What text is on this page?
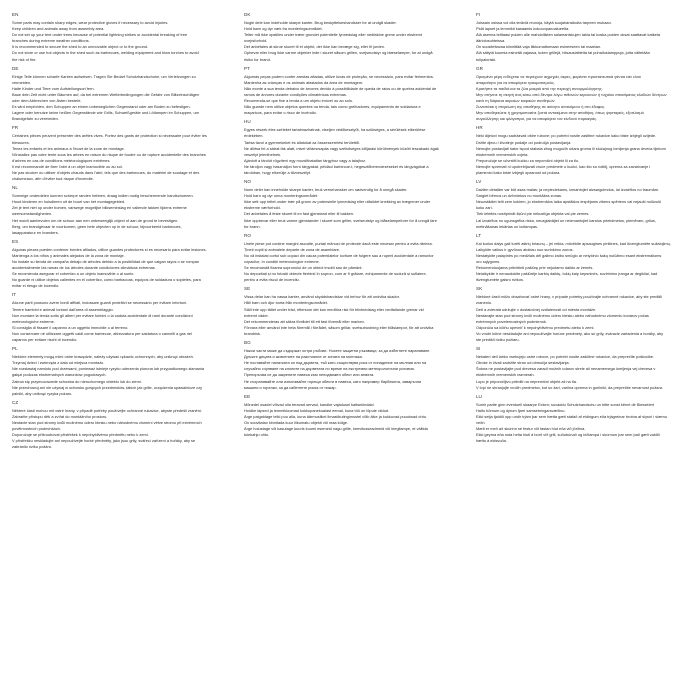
EN
Some parts may contain sharp edges, wear protective gloves if necessary to avoid injuries.
Keep children and animals away from assembly area.
Do not set up your tent under trees because of potential lightning strikes or accidental breaking of tree
branches during extreme weather conditions.
It is recommended to secure the shed to an unmovable object or to the ground.
Do not store or use hot objects in the shed such as barbecues, welding equipment and blow torches to avoid
the risk of fire.
DE
Einige Teile können scharfe Kanten aufweisen. Tragen Sie Bedarf Schutzhandschuhe, um Verletzungen zu
vermeiden.
Halte Kinder und Tiere vom Aufstellungsort fern.
Baue dein Zelt nicht unter Bäumen auf, da bei extremen Wetterbedingungen die Gefahr von Blitzeinschlägen
oder dem Abbrechen von Ästen besteht.
Es wird empfohlen, den Schuppen an einem unbeweglichen Gegenstand oder am Boden zu befestigen.
Lagere oder benutze keine heißen Gegenstände wie Grills, Schweißgeräte und Lötlampen im Schuppen, um
Brandgefahr zu vermeiden.
FR
Certaines pièces peuvent présenter des arêtes vives. Portez des gants de protection si nécessaire pour éviter les
blessures.
Tenez les enfants et les animaux à l'écart de la zone de montage.
N'installez pas votre tente sous les arbres en raison du risque de foudre ou de rupture accidentelle des branches
d'arbres en cas de conditions météorologiques extrêmes.
Il est recommandé de fixer l'abri à un objet inamovible ou au sol.
Ne pas stocker ou utiliser d'objets chauds dans l'abri, tels que des barbecues, du matériel de soudage et des
chalumeaux, afin d'éviter tout risque d'incendie.
NL
Sommige onderdelen kunnen scherpe randen hebben, draag indien nodig beschermende handschoenen.
Houd kinderen en huisdieren uit de buurt van het montagegebied.
Zet je tent niet op onder bomen, vanwege mogelijke blikseminslag en vallende takken tijdens extreme
weersomstandigheden.
Het wordt aanbevolen om de schuur aan een onbeweeglijk object of aan de grond te bevestigen.
Berg, om brandgevaar te voorkomen, geen hete objecten op in de schuur, bijvoorbeeld barbecues,
lasapparatuur en branders.
ES
Algunas piezas pueden contener bordes afilados, utilice guantes protectores si es necesario para evitar lesiones.
Mantenga a los niños y animales alejados de la zona de montaje.
No instale su tienda de campaña debajo de árboles debido a la posibilidad de que caigan rayos o se rompan
accidentalmente las ramas de los árboles durante condiciones climáticas extremas.
Se recomienda asegurar el cobertizo a un objeto inamovible o al suelo.
No guarde ni utilice objetos calientes en el cobertizo, como barbacoas, equipos de soldadura o sopletes, para
evitar el riesgo de incendio.
IT
Alcune parti possono avere bordi affilati, indossare guanti protettivi se necessario per evitare infortuni.
Tenere bambini e animali lontani dall'area di assemblaggio.
Non montare la tenda sotto gli alberi per evitare fulmini o la caduta accidentale di rami durante condizioni
meteorologiche estreme.
Si consiglia di fissare il capanno a un oggetto immobile o al terreno.
Non conservare né utilizzare oggetti caldi come barbecue, attrezzatura per saldatura o cannelli a gas nel
capanno per evitare rischi di incendio.
PL
Niektóre elementy mogą mieć ostre krawędzie, należy używać rękawic ochronnych, aby uniknąć obrażeń.
Trzymaj dzieci i zwierzęta z dala od miejsca montażu.
Nie rozstawiaj namiotu pod drzewami, ponieważ istnieje ryzyko uderzenia pioruna lub przypadkowego złamania
gałęzi podczas ekstremalnych warunków pogodowych.
Zaleca się przymocowanie schowka do nieruchomego obiektu lub do ziemi.
Nie przechowuj ani nie używaj w schowku gorących przedmiotów, takich jak grille, urządzenia spawalnicze czy
palniki, aby uniknąć ryzyka pożaru.
CZ
Některé části mohou mít ostré hrany, v případě potřeby používejte ochranné rukavice, abyste předešli zranění.
Zabraňte přístupu dětí a zvířat do montážního prostoru.
Nestavte stan pod stromy kvůli možnému úderu blesku nebo náhodnému zlomení větve stromu při extrémních
povětrnostních podmínkách.
Doporučuje se přišroubovat přístřešek k nepohyblivému předmětu nebo k zemi.
V přístřešku neskladujte ani nepoužívejte horké předměty, jako jsou grily, svářecí zařízení a hořáky, aby se
zabránilo riziku požáru.
DK
Nogle dele kan indeholde skarpe kanter. Brug beskyttelseshandsker for at undgå skader.
Hold børn og dyr væk fra monteringsområdet.
Telter må ikke opstilles under træer grundet potentielle lynnedslag eller nedfaldne grene under ekstremt
uvejrsforhold.
Det anbefales at skruе skuret til et objekt, der ikke kan bevæge sig, eller til jorden.
Opbevar eller brug ikke varme objekter inde i skuret såsom grillen, svejseudstyr og blæselamper, for at undgå
risiko for brand.
PT
Algumas peças podem conter arestas afiadas, utilize luvas de proteção, se necessário, para evitar ferimentos.
Mantenha as crianças e os animais afastados da área de montagem.
Não monte a sua tenda debaixo de árvores devido à possibilidade de queda de raios ou de quebra acidental de
ramos de árvores durante condições climatéricas extremas.
Recomenda-se que fixe a tenda a um objeto imóvel ou ao solo.
Não guarde nem utilize objetos quentes na tenda, tais como grelhadores, equipamento de soldadura e
maçaricos, para evitar o risco de incêndio.
HU
Egyes részek éles széleket tartalmazhatnak, viseljen védőkesztyűt, ha szükséges, a sérülések elkerülése
érdekében.
Tartsa távol a gyermekeket és állatokat az összeszerelési területtől.
Ne állítsa fel a sátrat fák alatt, mivel villámcsapás vagy szélsőséges időjárási körülmények között leszakadó ágak
veszélyt jelenthetnek.
Ajánlott a tárolót rögzíteni egy mozdíthatatlan tárgyhoz vagy a talajhoz.
Ne tároljon vagy használjon forró tárgyakat, például barbecue-t, hegesztőberendezéseket és lángvágókat a
tárolóban, hogy elkerülje a tűzveszélyt.
NO
Noen deler kan inneholde skarpe kanter, bruk vernehansker om nødvendig for å unngå skader.
Hold barn og dyr unna monteringsområdet.
Ikke sett opp teltet under trær på grunn av potensielle lynnedslag eller utilsiktet knekking av trægrener under
ekstreme værforhold.
Det anbefales å feste skuret til en fast gjenstand eller til bakken.
Ikke oppbevar eller bruk varme gjenstander i skuret som griller, sveiseutstyr og blåselampeforer for å unngå fare
for brann.
RO
Unele piese pot conține margini ascuțite, purtați mănuși de protecție dacă este necesar pentru a evita rănirea.
Țineți copiii și animalele departe de zona de asamblare.
Nu vă instalați cortul sub copaci din cauza potențialelor loviture de fulgere sau a ruperii accidentale a ramurilor
copacilor, în condiții meteorologice extreme.
Se recomandă fixarea șopronului de un obiect imobil sau de pământ.
Nu depozitați și nu folosiți obiecte fierbinți în șopron, cum ar fi grătare, echipamente de sudură și suflaiere,
pentru a evita riscul de incendiu.
SE
Vissa delar kan ha vassa kanter, använd skyddshandskar vid behov för att undvika skador.
Håll barn och djur borta från monteringsområdet.
Ställ inte upp tältet under träd, eftersom det kan medföra risk för blixtnedslag eller nedfallande grenar vid
extremt väder.
Det rekommenderas att säkra förrådet till ett fast föremål eller marken.
Förvara eller använd inte heta föremål i förrådet, såsom grillar, svetsutrustning eller blåslampor, för att undvika
brandrisk.
BG
Някои части може да съдържат остри ръбове. Носете защитни ръкавици, за да избегнете нараняване.
Дръжте децата и животните на разстояние от зоната на монтажа.
Не поставяйте палатката си под дървета, тъй като съществува риск от попадение на мълния или на
случайно счупване на клоните на дърветата по време на екстремни метеорологични условия.
Препоръчва се да закрепите навеса към неподвижен обект или земята.
Не съхранявайте или използвайте горещи обекти в навеса, като например барбекюта, заваръчни
машини и горелки, за да избегнете риска от пожар.
EE
Mõnedel osadel võivad olla teravad servad, kandke vajadusel kaitsekindaid.
Hoidke lapsed ja lemmikloomad kokkupanekualast eemal, kuna töö on lõpule viidud.
Ärge paigaldage telki puu alla, kuna äärmuslikel ilmastikutingimustel võib äike ja kukkuvad puuoksad ohtu.
On soovitatav kinnitada kuur liikumatu objekti või maa külge.
Ärge hoiustage või kasutage kuuris kuumi esemeid nagu grille, keevitusseadmeid või leegilampe, et vältida
tulekahju ohtu.
FI
Joissain osissa voi olla teräviä reunoja, käytä suojahansikoita tarpeen mukaan.
Pidä lapset ja lemmikit kasaamis kokoonpanoalueelta.
Älä asenna telttaasi puiden alle mahdollisten salamaniskujen takia tai koska puiden oksat saattavat katketa
ääriolosuhteissa.
On suositeltavaa kiinnittää vaja liikkumattomaan esineeseen tai maahan.
Älä säilytä kuumia esineitä vajassa, kuten grillejä, hitsauslaitteita tai puhalluslamppuja, jotta vältetään
tulipaloriski.
GR
Ορισμένα μέρη ενδέχεται να περιέχουν αιχμηρές άκρες, φορέστε προστατευτικά γάντια εάν είναι
απαραίτητο για να αποφύγετε τραυματισμούς.
Κρατήστε τα παιδιά και τα ζώα μακριά από την περιοχή συναρμολόγησης.
Μην στήνετε τη σκηνή σας κάτω από δέντρα λόγω πιθανών κεραυνών ή τυχαίου σπασίματος κλαδιών δέντρων
κατά τη διάρκεια ακραίων καιρικών συνθηκών.
Συνιστάται η στερέωση της αποθήκης σε ακίνητο αντικείμενο ή στο έδαφος.
Μην αποθηκεύετε ή χρησιμοποιείτε ζεστά αντικείμενα στην αποθήκη, όπως ψησταριές, εξοπλισμό
συγκόλλησης και φλόγιστρα, για να αποφύγετε τον κίνδυνο πυρκαγιάς.
HR
Neki dijelovi mogu sadržavati oštre rubove; po potrebi nosite zaštitne rukavice kako biste izbjegli ozljede.
Držite djecu i životinje podalje od područja postavljanja.
Nemojte postavljati šator ispod stabala zbog mogućih udara groma ili slučajnog lomljenja grana drveća tijekom
ekstremnih vremenskih uvjeta.
Preporučuje se učvrstiti kućicu za nepomični objekt ili za tlo.
Nemojte spremati ni upotrebljavati vruće predmete u kućici, kao što su roštilj, oprema za zavarivanje i
plamenici kako biste izbjegli opasnost od požara.
LV
Dažām detaļām var būt asas malas; ja nepieciešams, izmantojiet aizsargcimdus, lai izvairītos no traumām.
Sargiet bērnus un dzīvniekus no montāžas zonas.
Neuzstādiet telti zem kokiem, jo ekstremālos laika apstākļos iespējams zibens spēriens vai nejauši nolūzuši
koku zari.
Tiek ieteikts nostiprināt šķūni pie nekustīga objekta vai pie zemes.
Lai izvairītos no ugunsgrēka riska, neuzglabājiet un neizmantojiet karstus priekšmetus, piemēram, grilus,
metināšanas iekārtas un lodlampas.
LT
Kai kurios dalys gali turėti aštrių briaunų – jei reikia, mūvėkite apsaugines pirštines, kad išvengtumėte sužalojimų.
Laikykite vaikus ir gyvūnus atokiau nuo surinkimo zonos.
Nestatykite palapinės po medžiais dėl galimo žaibo smūgio ar netyčinio šakų nulūžimo esant ekstremalioms
oro sąlygoms.
Rekomenduojama pritvirtinti pašiūrę prie nejudamo daikto ar žemės.
Nelaikykite ir nenaudokite pašiūrėje karštų daiktų, tokių kaip kepsninės, suvirinimo įranga ar degikliai, kad
išvengtumėte gaisro rizikos.
SK
Niektoré časti môžu obsahovať ostré hrany, v prípade potreby používajte ochranné rukavice, aby ste predišli
zraneniu.
Deti a zvieratá udržujte v dostatočnej vzdialenosti od miesta montáže.
Nestavajte stan pod stromy kvôli možnému úderu blesku alebo náhodnému zlomeniu konárov počas
extrémnych poveternostných podmienok.
Odporúča sa kôlňu upevniť k nepohyblivému predmetu alebo k zemi.
Vo vnútri kôlne neskladujte ani nepoužívajte horúce predmety, ako sú grily, zváracie zariadenia a horáky, aby
ste predišli riziku požiaru.
SI
Nekateri deli lahko vsebujejo ostre robove, po potrebi nosite zaščitne rokavice, da preprečite poškodbe.
Otroke in živali zadržite stran od območja sestavljanja.
Šotora ne postavljajte pod drevesa zaradi možnih udarov strele ali nenamernega lomljenja vej drevesa v
ekstremnih vremenskih razmerah.
Lopo je priporočljivo pritrditi na nepremični objekt ali na tla.
V lopi ne shranjujte vročih predmetov, kot so žari, varilna oprema in gorilniki, da preprečite nevarnost požara.
LU
Sumir partie ginn eventuell skaarpe Ecken; suvaddu Schutzhandschu un bitte sonst kënnt dir Blesséiert
Haltu börnum og dýrum fjarri samsetningarsvæðinu.
Ekki setja tjaldið upp undir trjám þar sem hætta gæti stafað af eldingum eða trjágreinar brotna af slysni í slæmu
veðri.
Mælt er með að skúrinn sé festur við fastan hlut eða við jörðina.
Ekki geyma eða nota heita hluti á borð við grill, suðubúnað og lóðlampa í skúrnum þar sem það gæti valdið
hættu á eldsvoða.
